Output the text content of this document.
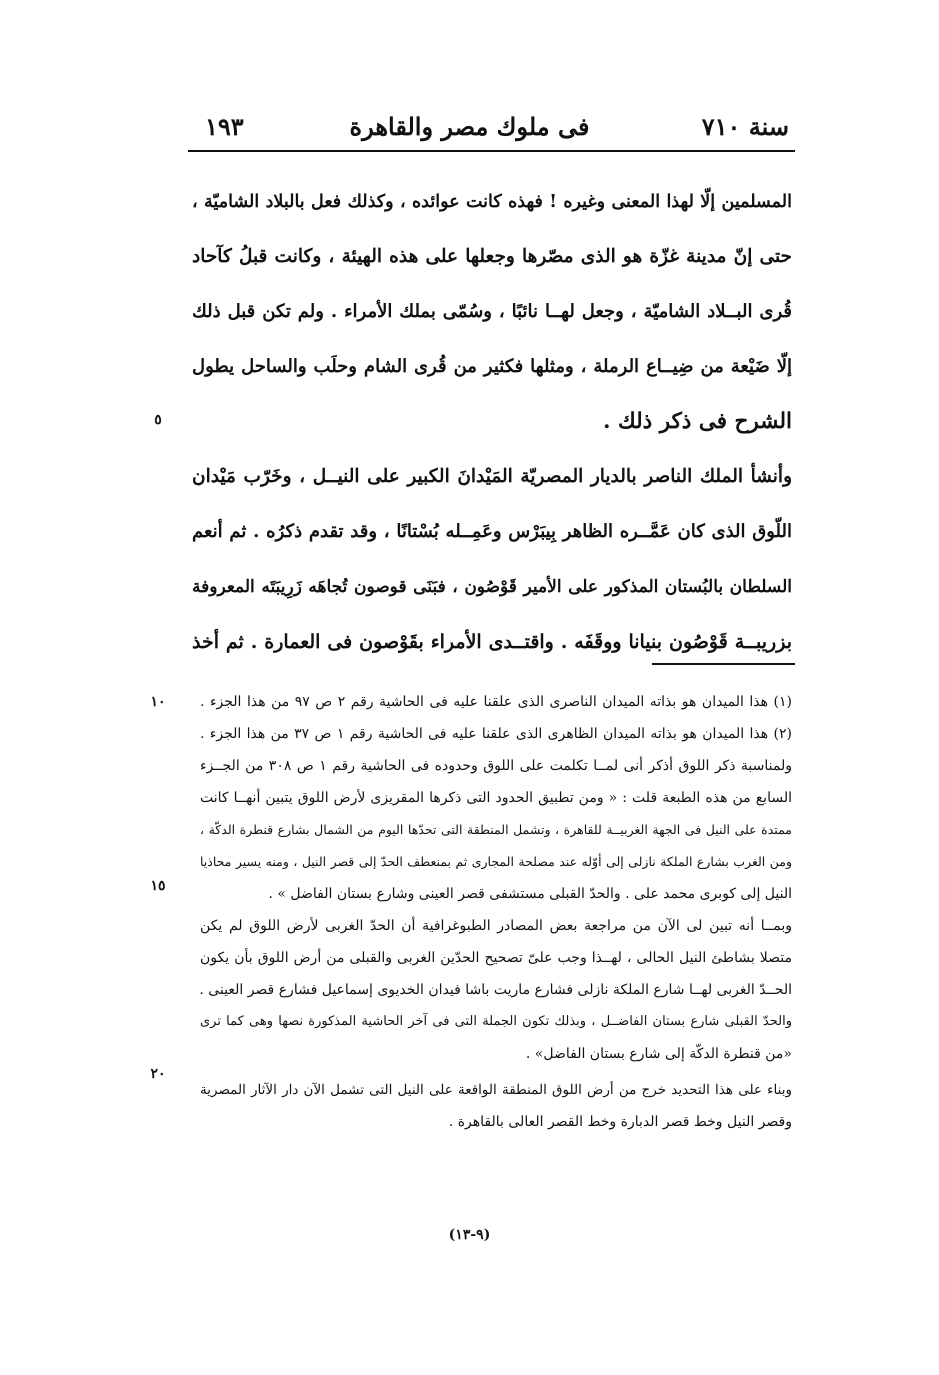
سنة ٧١٠
فى ملوك مصر والقاهرة
١٩٣
المسلمين إلّا لهذا المعنى وغيره ! فهذه كانت عوائده ، وكذلك فعل بالبلاد الشاميّة ،
حتى إنّ مدينة غزّة هو الذى مصّرها وجعلها على هذه الهيئة ، وكانت قبلُ كآحاد
قُرى البــلاد الشاميّة ، وجعل لهــا نائبًا ، وسُمّى بملك الأمراء . ولم تكن قبل ذلك
إلّا ضَيْعة من ضِيــاع الرملة ، ومثلها فكثير من قُرى الشام وحلَب والساحل يطول
الشرح فى ذكر ذلك .
وأنشأ الملك الناصر بالديار المصريّة المَيْدانَ الكبير على النيــل ، وخَرّب مَيْدان
اللّوق الذى كان عَمَّــره الظاهر بِيبَرْس وعَمِــله بُسْتانًا ، وقد تقدم ذكرُه . ثم أنعم
السلطان بالبُستان المذكور على الأمير قَوْصُون ، فبَنَى قوصون تُجاهَه زَرِيبَتَه المعروفة
بزريبــة قَوْصُون بنيانا ووقَفَه . واقتــدى الأمراء بقَوْصون فى العمارة . ثم أخذ
(١) هذا الميدان هو بذاته الميدان الناصرى الذى علقنا عليه فى الحاشية رقم ٢ ص ٩٧ من هذا الجزء .
(٢) هذا الميدان هو بذاته الميدان الظاهرى الذى علقنا عليه فى الحاشية رقم ١ ص ٣٧ من هذا الجزء .
ولمناسبة ذكر اللوق أذكر أنى لمــا تكلمت على اللوق وحدوده فى الحاشية رقم ١ ص ٣٠٨ من الجــزء
السابع من هذه الطبعة قلت : « ومن تطبيق الحدود التى ذكرها المقريزى لأرض اللوق يتبين أنهــا كانت
ممتدة على النيل فى الجهة الغربيــة للقاهرة ، وتشمل المنطقة التى تحدّها اليوم من الشمال بشارع قنطرة الدكّة ،
ومن الغرب بشارع الملكة نازلى إلى أوّله عند مصلحة المجارى ثم بمنعطف الحدّ إلى قصر النيل ، ومنه يسير محاذيا
النيل إلى كوبرى محمد على . والحدّ القبلى مستشفى قصر العينى وشارع بستان الفاضل » .
وبمــا أنه تبين لى الآن من مراجعة بعض المصادر الطبوغرافية أن الحدّ الغربى لأرض اللوق لم يكن
متصلا بشاطئ النيل الحالى ، لهــذا وجب علىّ تصحيح الحدّين الغربى والقبلى من أرض اللوق بأن يكون
الحــدّ الغربى لهــا شارع الملكة نازلى فشارع ماريت باشا فيدان الخديوى إسماعيل فشارع قصر العينى .
والحدّ القبلى شارع بستان الفاضــل ، وبذلك تكون الجملة التى فى آخر الحاشية المذكورة نصها وهى كما ترى
«من قنطرة الدكّة إلى شارع بستان الفاضل» .
وبناء على هذا التحديد خرج من أرض اللوق المنطقة الواقعة على النيل التى تشمل الآن دار الآثار المصرية
وقصر النيل وخط قصر الدبارة وخط القصر العالى بالقاهرة .
٥
١٠
١٥
٢٠
(٩-١٣)
